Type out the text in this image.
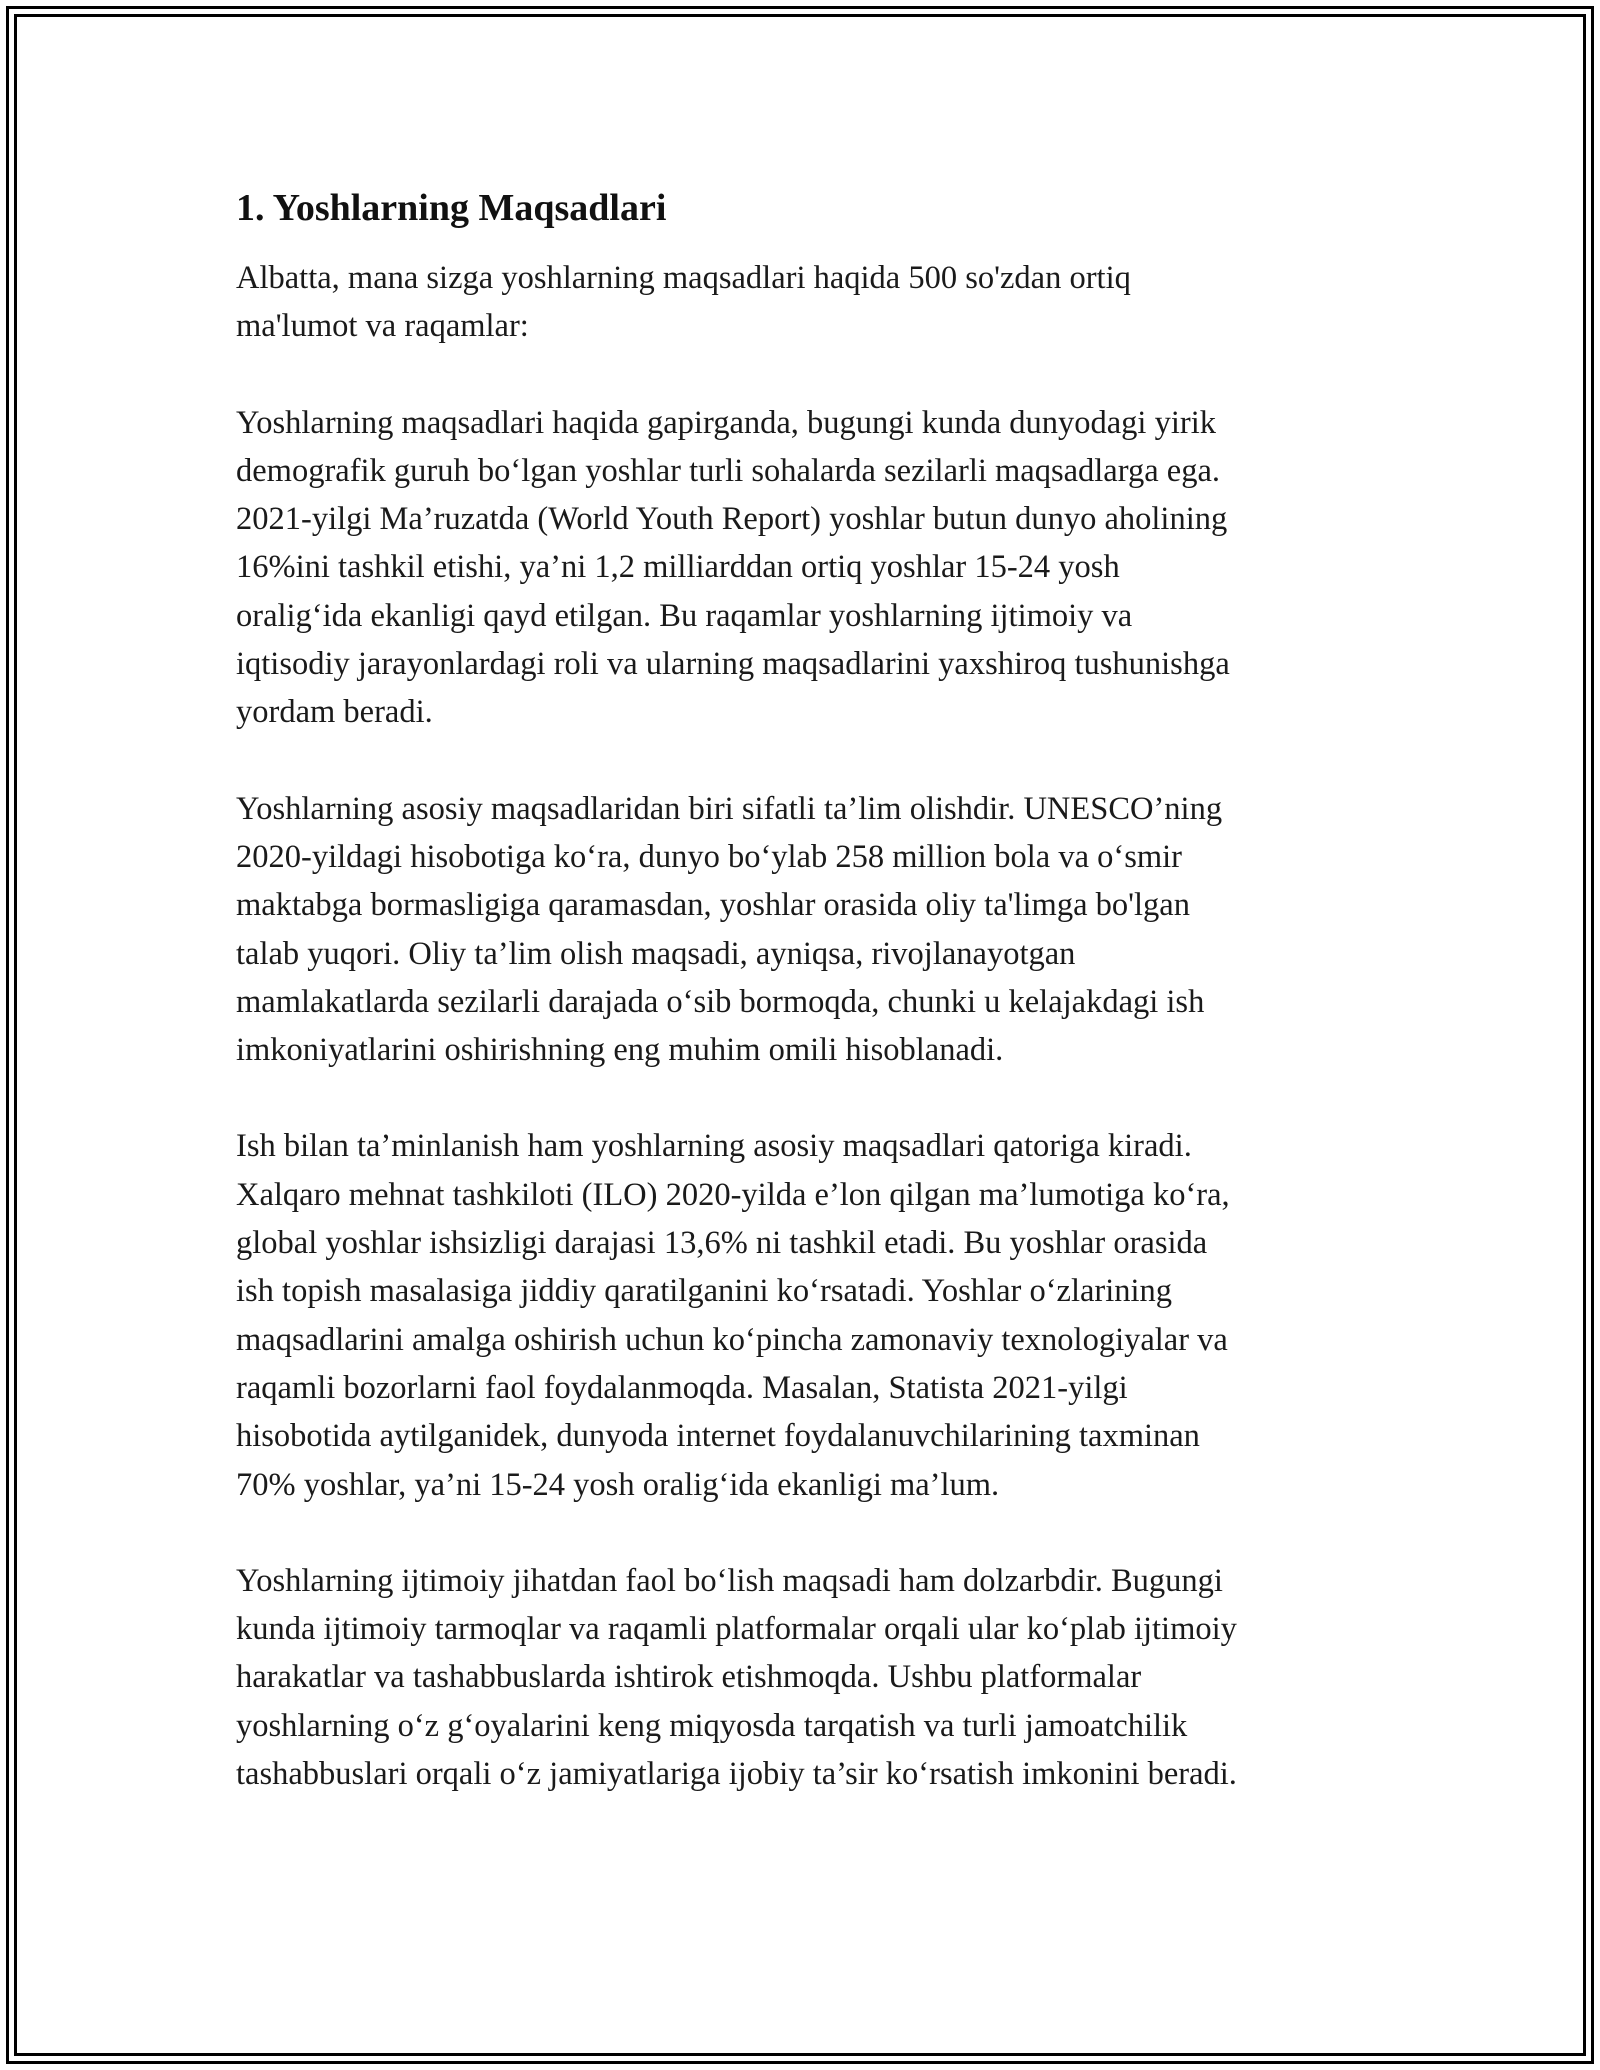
1. Yoshlarning Maqsadlari

Albatta, mana sizga yoshlarning maqsadlari haqida 500 so'zdan ortiq
ma'lumot va raqamlar:

Yoshlarning maqsadlari haqida gapirganda, bugungi kunda dunyodagi yirik
demografik guruh bo‘lgan yoshlar turli sohalarda sezilarli maqsadlarga ega.
2021-yilgi Ma’ruzatda (World Youth Report) yoshlar butun dunyo aholining
16%ini tashkil etishi, ya’ni 1,2 milliarddan ortiq yoshlar 15-24 yosh
oralig‘ida ekanligi qayd etilgan. Bu raqamlar yoshlarning ijtimoiy va
iqtisodiy jarayonlardagi roli va ularning maqsadlarini yaxshiroq tushunishga
yordam beradi.

Yoshlarning asosiy maqsadlaridan biri sifatli ta’lim olishdir. UNESCO’ning
2020-yildagi hisobotiga ko‘ra, dunyo bo‘ylab 258 million bola va o‘smir
maktabga bormasligiga qaramasdan, yoshlar orasida oliy ta'limga bo'lgan
talab yuqori. Oliy ta’lim olish maqsadi, ayniqsa, rivojlanayotgan
mamlakatlarda sezilarli darajada o‘sib bormoqda, chunki u kelajakdagi ish
imkoniyatlarini oshirishning eng muhim omili hisoblanadi.

Ish bilan ta’minlanish ham yoshlarning asosiy maqsadlari qatoriga kiradi.
Xalqaro mehnat tashkiloti (ILO) 2020-yilda e’lon qilgan ma’lumotiga ko‘ra,
global yoshlar ishsizligi darajasi 13,6% ni tashkil etadi. Bu yoshlar orasida
ish topish masalasiga jiddiy qaratilganini ko‘rsatadi. Yoshlar o‘zlarining
maqsadlarini amalga oshirish uchun ko‘pincha zamonaviy texnologiyalar va
raqamli bozorlarni faol foydalanmoqda. Masalan, Statista 2021-yilgi
hisobotida aytilganidek, dunyoda internet foydalanuvchilarining taxminan
70% yoshlar, ya’ni 15-24 yosh oralig‘ida ekanligi ma’lum.

Yoshlarning ijtimoiy jihatdan faol bo‘lish maqsadi ham dolzarbdir. Bugungi
kunda ijtimoiy tarmoqlar va raqamli platformalar orqali ular ko‘plab ijtimoiy
harakatlar va tashabbuslarda ishtirok etishmoqda. Ushbu platformalar
yoshlarning o‘z g‘oyalarini keng miqyosda tarqatish va turli jamoatchilik
tashabbuslari orqali o‘z jamiyatlariga ijobiy ta’sir ko‘rsatish imkonini beradi.
